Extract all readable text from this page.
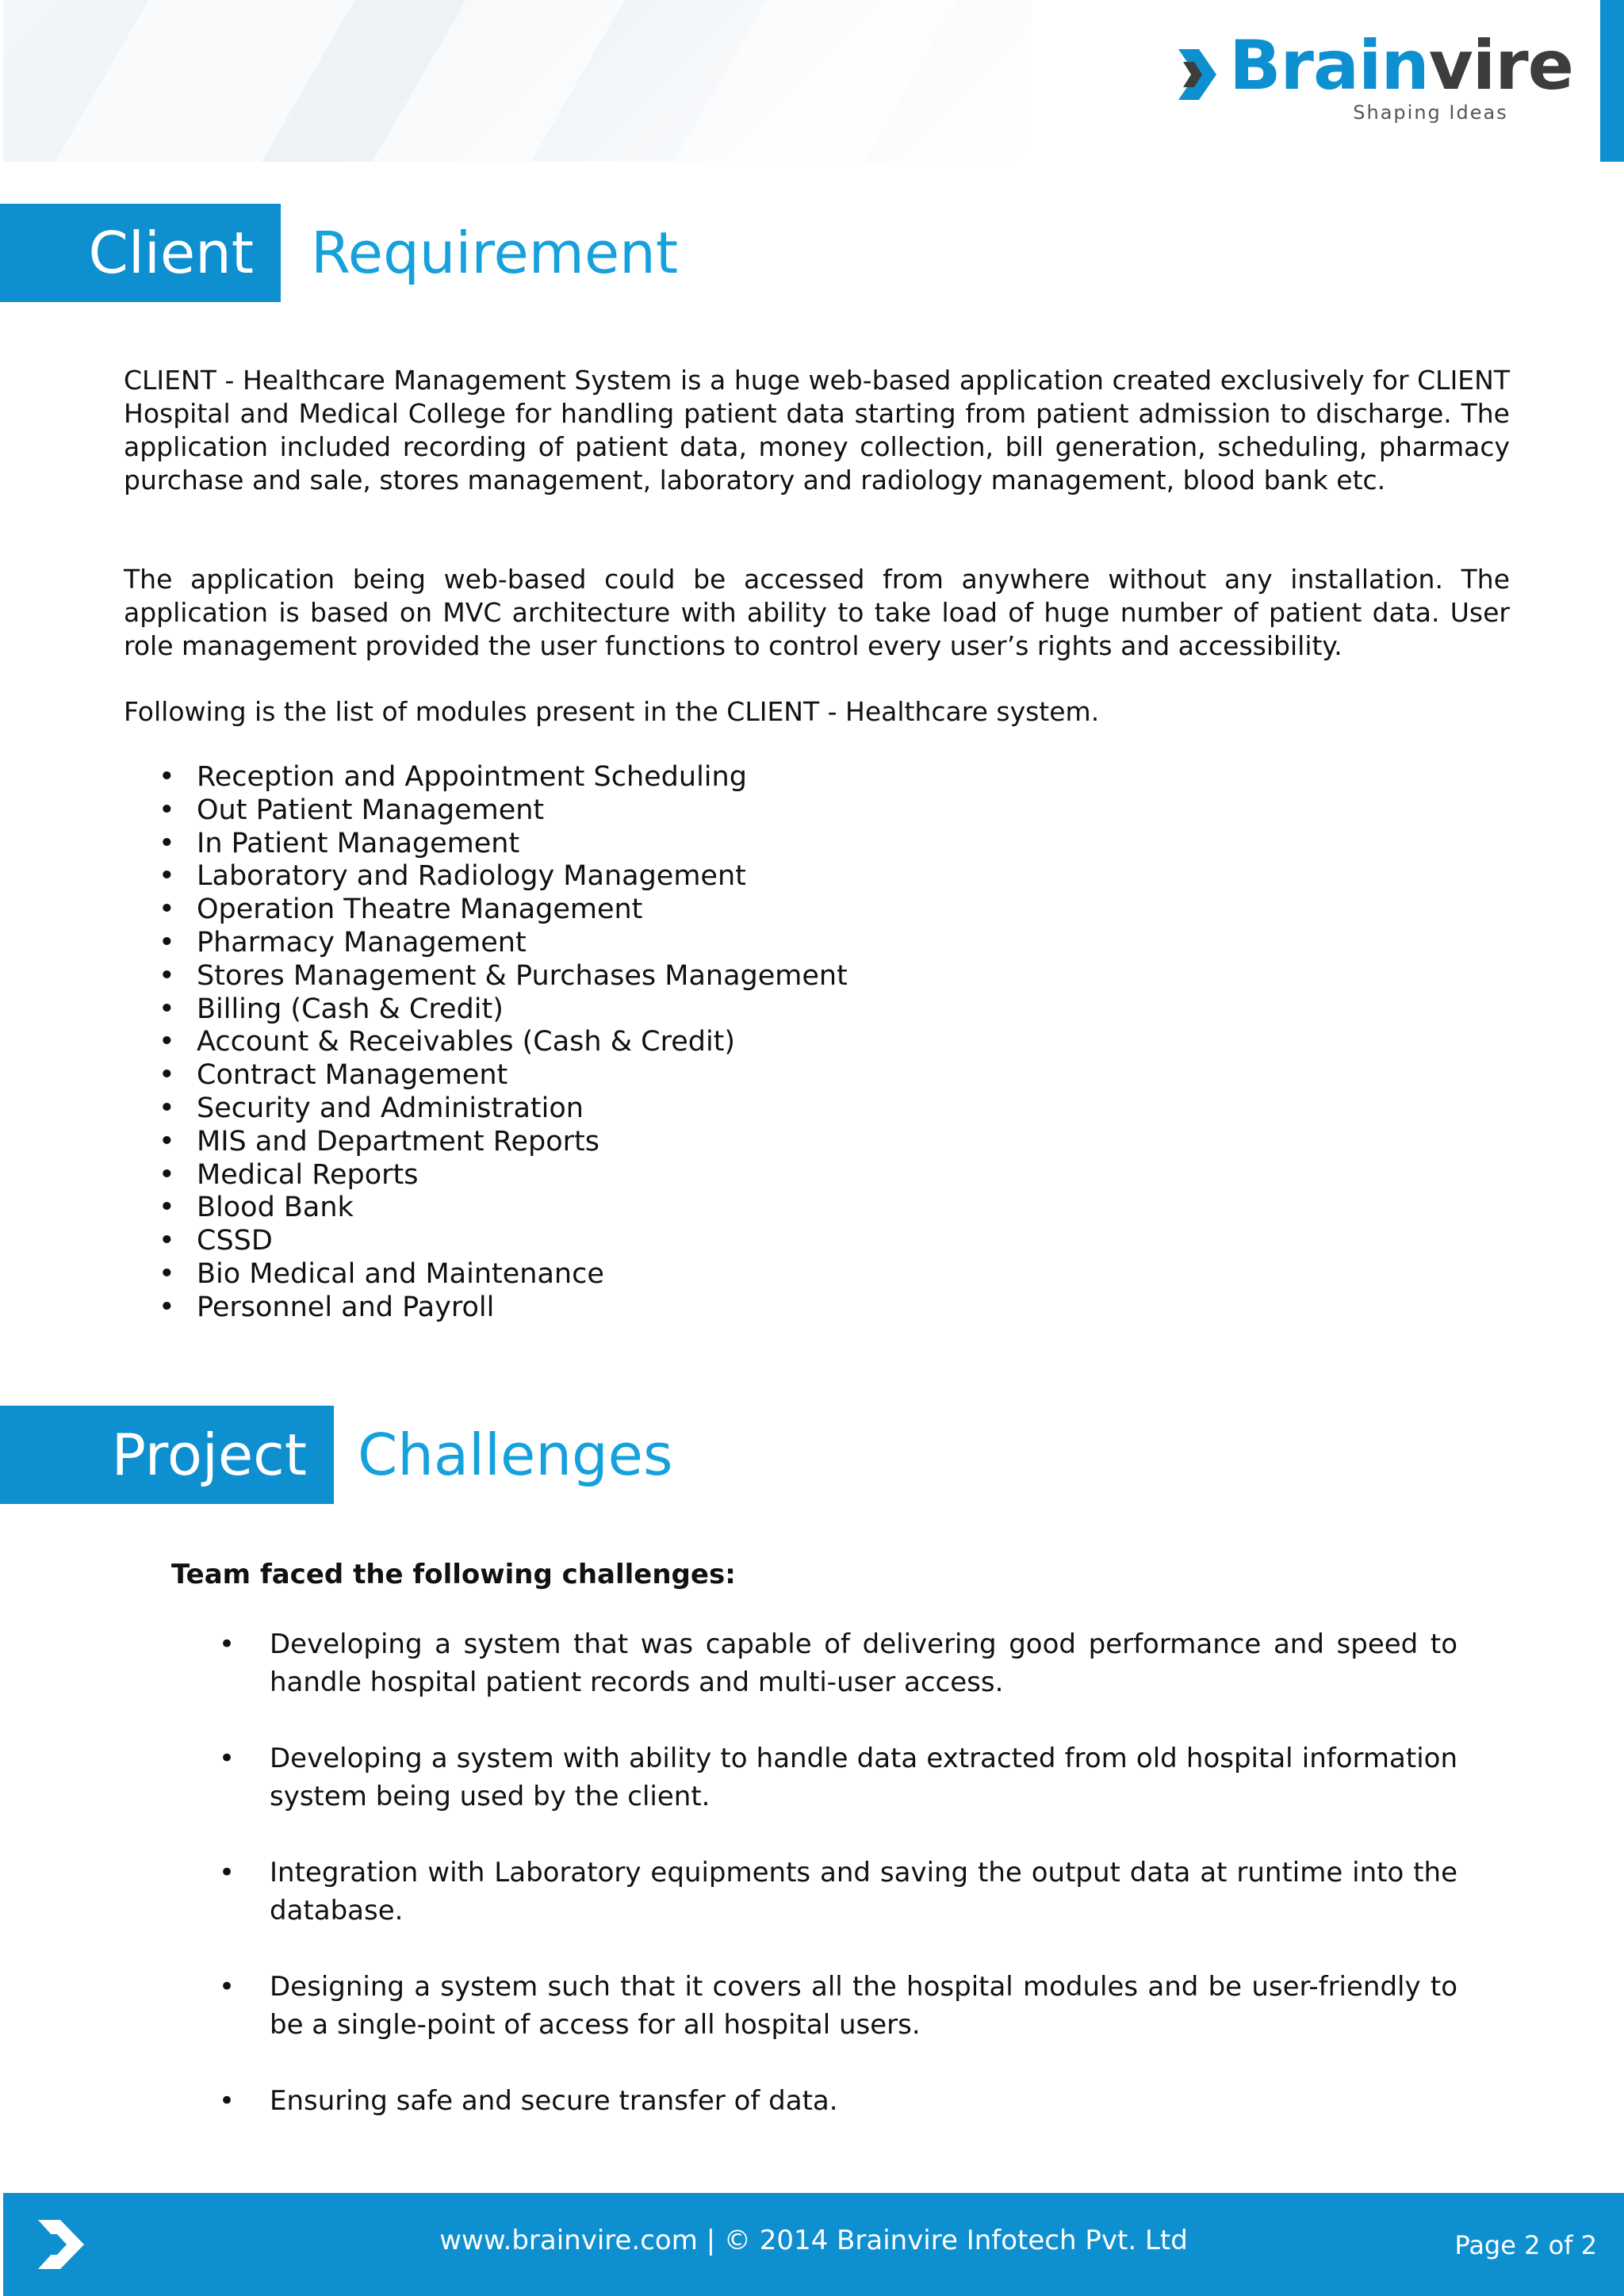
Brainvire
Shaping Ideas
Client	Requirement

CLIENT - Healthcare Management System is a huge web-based application created exclusively for CLIENT Hospital and Medical College for handling patient data starting from patient admission to discharge. The application included recording of patient data, money collection, bill generation, scheduling, pharmacy purchase and sale, stores management, laboratory and radiology management, blood bank etc.

The application being web-based could be accessed from anywhere without any installation. The application is based on MVC architecture with ability to take load of huge number of patient data. User role management provided the user functions to control every user’s rights and accessibility.

Following is the list of modules present in the CLIENT - Healthcare system.

• Reception and Appointment Scheduling
• Out Patient Management
• In Patient Management
• Laboratory and Radiology Management
• Operation Theatre Management
• Pharmacy Management
• Stores Management & Purchases Management
• Billing (Cash & Credit)
• Account & Receivables (Cash & Credit)
• Contract Management
• Security and Administration
• MIS and Department Reports
• Medical Reports
• Blood Bank
• CSSD
• Bio Medical and Maintenance
• Personnel and Payroll
Project Challenges

Team faced the following challenges:

• Developing a system that was capable of delivering good performance and speed to handle hospital patient records and multi-user access.
• Developing a system with ability to handle data extracted from old hospital information system being used by the client.
• Integration with Laboratory equipments and saving the output data at runtime into the database.
• Designing a system such that it covers all the hospital modules and be user-friendly to be a single-point of access for all hospital users.
• Ensuring safe and secure transfer of data.
www.brainvire.com | © 2014 Brainvire Infotech Pvt. Ltd	Page 2 of 2
